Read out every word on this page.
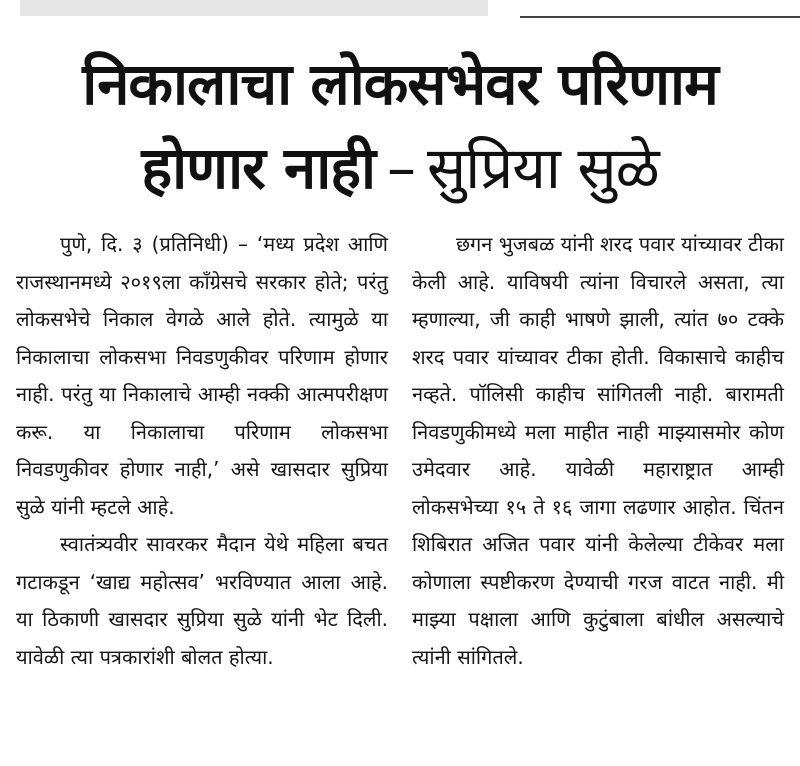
निकालाचा लोकसभेवर परिणाम
होणार नाही – सुप्रिया सुळे

पुणे, दि. ३ (प्रतिनिधी) – ‘मध्य प्रदेश आणि राजस्थानमध्ये २०१९ला काँग्रेसचे सरकार होते; परंतु लोकसभेचे निकाल वेगळे आले होते. त्यामुळे या निकालाचा लोकसभा निवडणुकीवर परिणाम होणार नाही. परंतु या निकालाचे आम्ही नक्की आत्मपरीक्षण करू. या निकालाचा परिणाम लोकसभा निवडणुकीवर होणार नाही,’ असे खासदार सुप्रिया सुळे यांनी म्हटले आहे.

स्वातंत्र्यवीर सावरकर मैदान येथे महिला बचत गटाकडून ‘खाद्य महोत्सव’ भरविण्यात आला आहे. या ठिकाणी खासदार सुप्रिया सुळे यांनी भेट दिली. यावेळी त्या पत्रकारांशी बोलत होत्या.

छगन भुजबळ यांनी शरद पवार यांच्यावर टीका केली आहे. याविषयी त्यांना विचारले असता, त्या म्हणाल्या, जी काही भाषणे झाली, त्यांत ७० टक्के शरद पवार यांच्यावर टीका होती. विकासाचे काहीच नव्हते. पॉलिसी काहीच सांगितली नाही. बारामती निवडणुकीमध्ये मला माहीत नाही माझ्यासमोर कोण उमेदवार आहे. यावेळी महाराष्ट्रात आम्ही लोकसभेच्या १५ ते १६ जागा लढणार आहोत. चिंतन शिबिरात अजित पवार यांनी केलेल्या टीकेवर मला कोणाला स्पष्टीकरण देण्याची गरज वाटत नाही. मी माझ्या पक्षाला आणि कुटुंबाला बांधील असल्याचे त्यांनी सांगितले.
